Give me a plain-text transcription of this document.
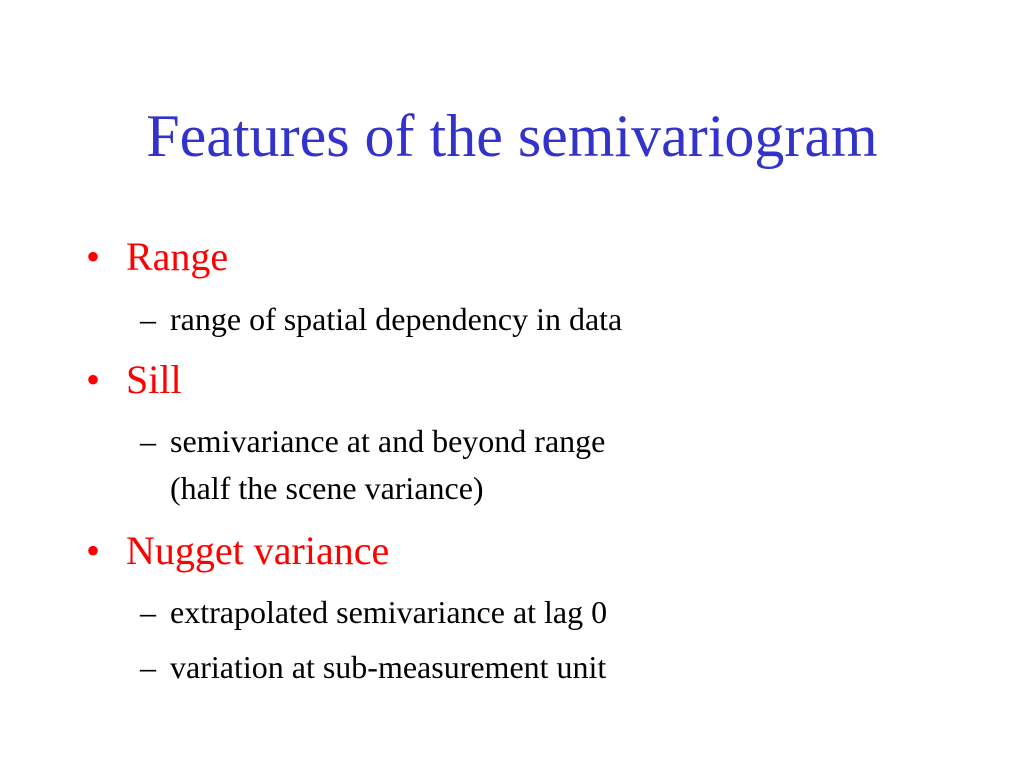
Features of the semivariogram
• Range
– range of spatial dependency in data
• Sill
– semivariance at and beyond range
(half the scene variance)
• Nugget variance
– extrapolated semivariance at lag 0
– variation at sub-measurement unit
